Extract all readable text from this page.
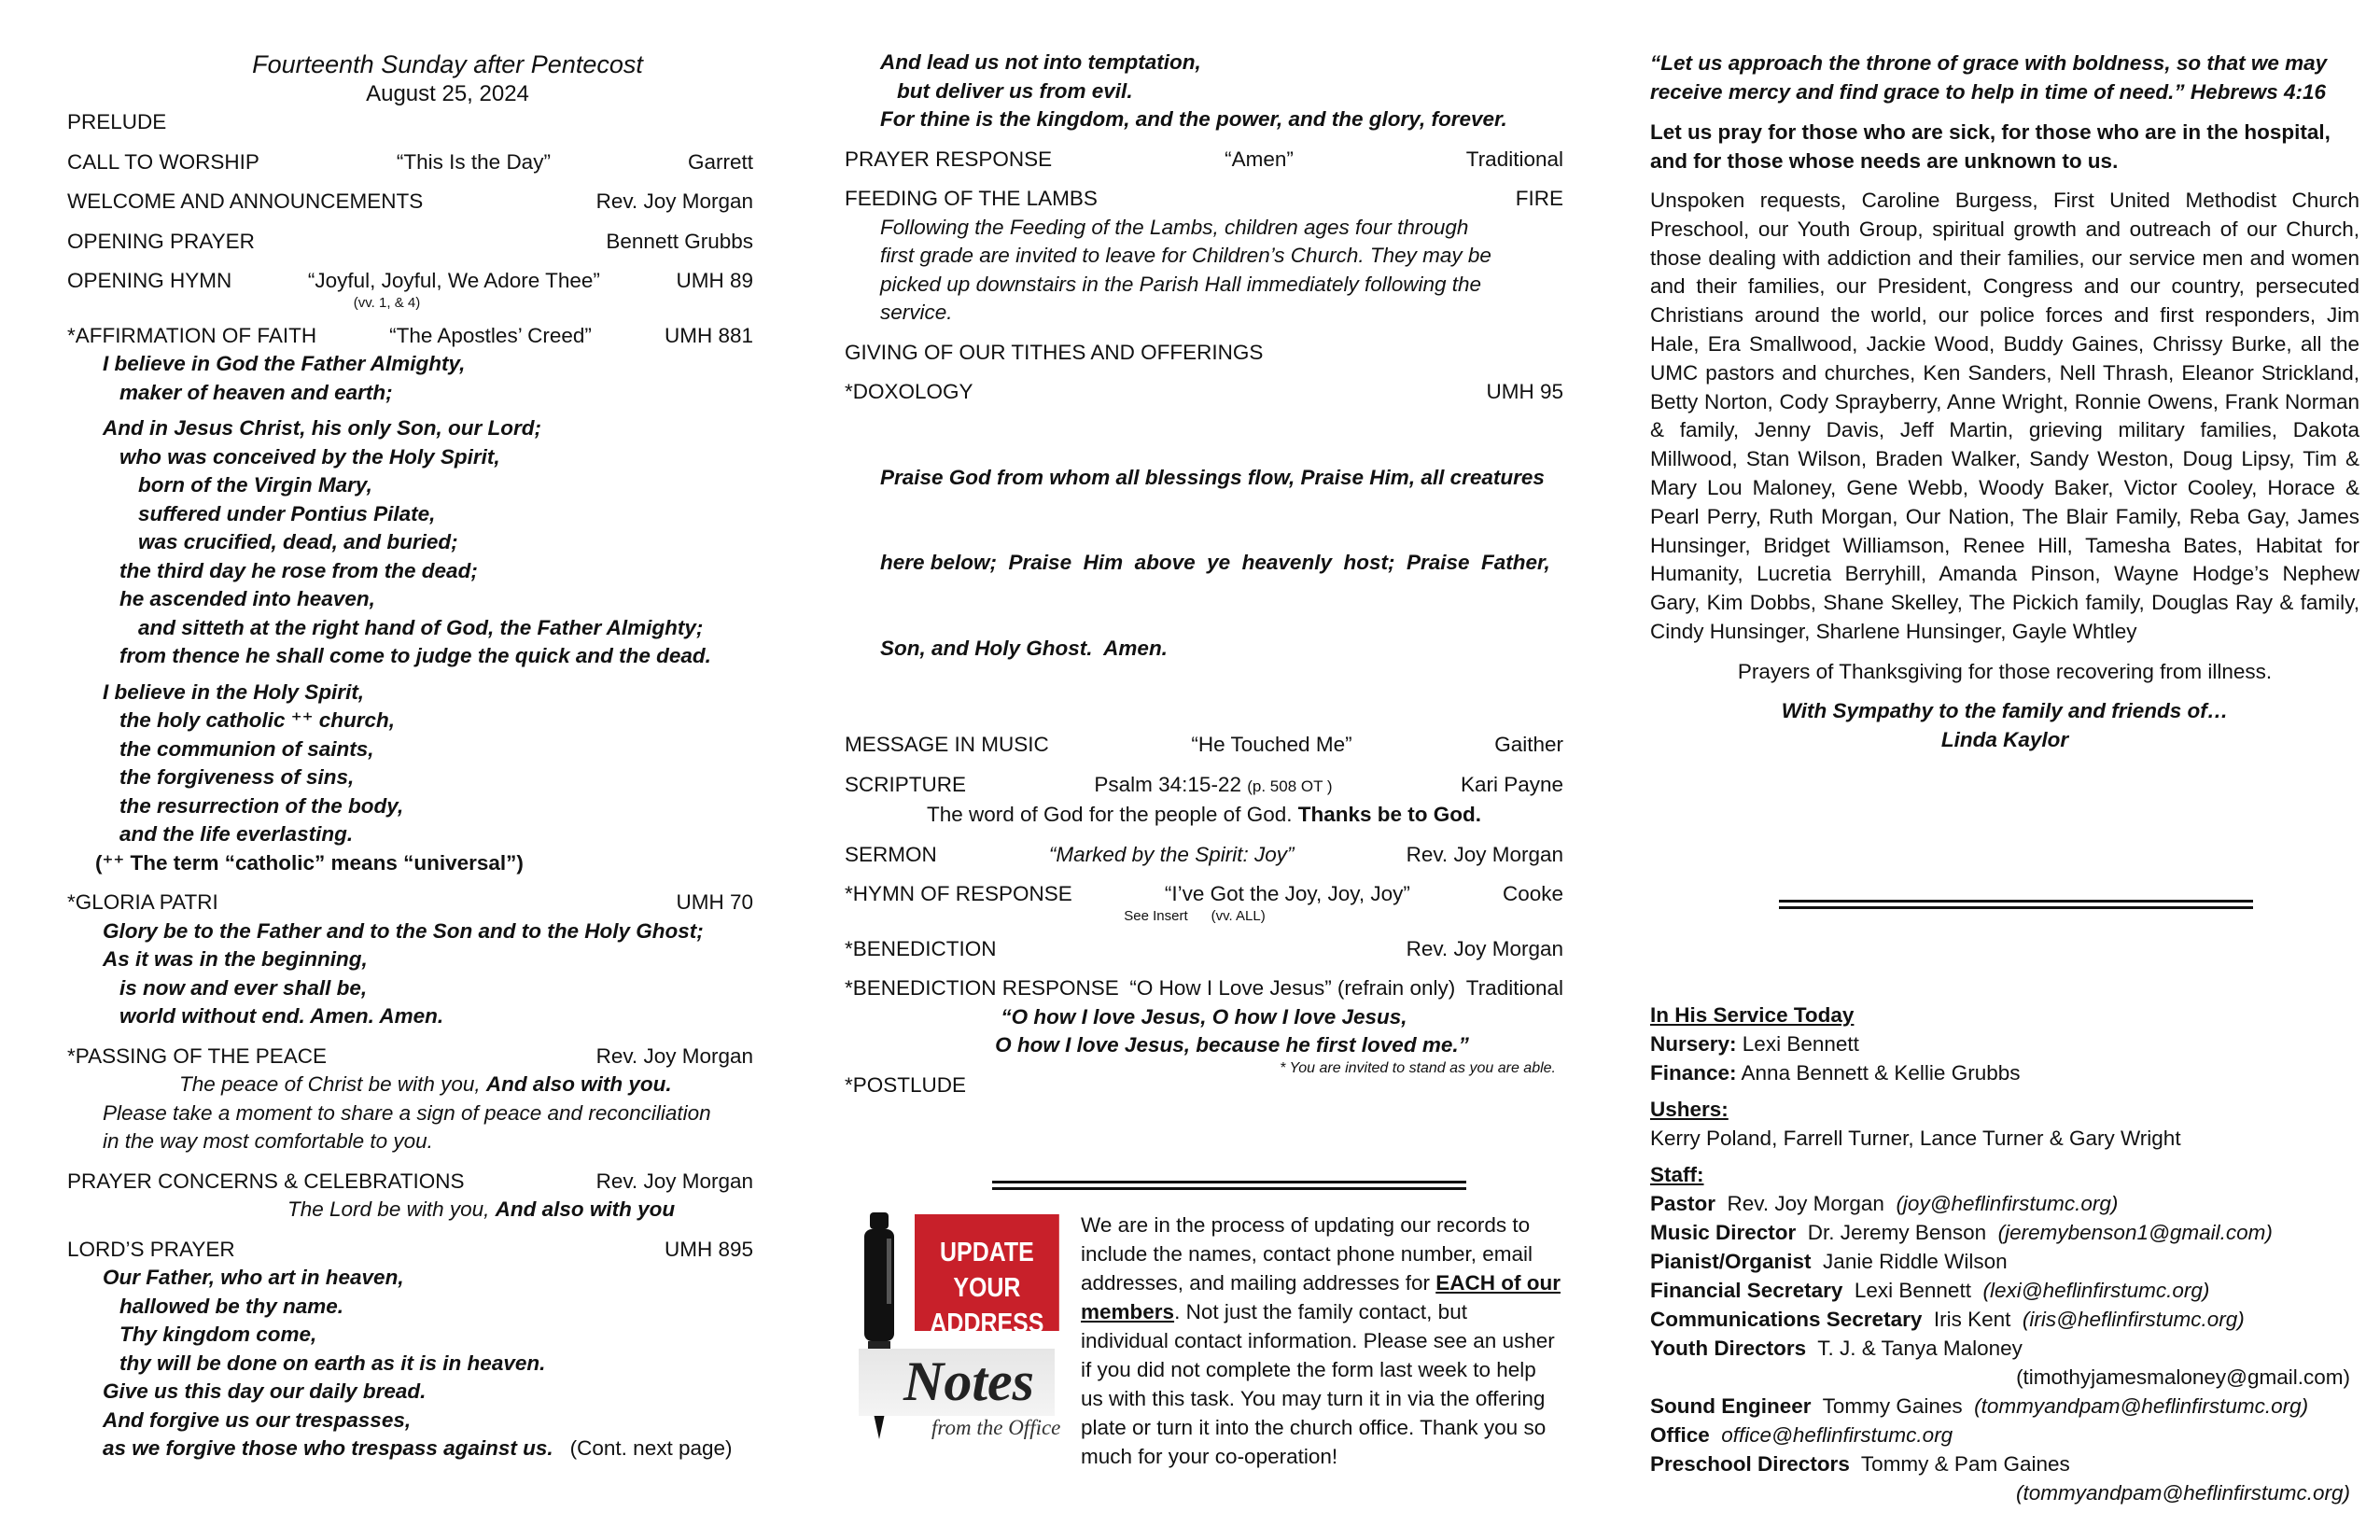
Fourteenth Sunday after Pentecost
August 25, 2024
PRELUDE
CALL TO WORSHIP	“This Is the Day”	Garrett
WELCOME AND ANNOUNCEMENTS	Rev. Joy Morgan
OPENING PRAYER	Bennett Grubbs
OPENING HYMN	“Joyful, Joyful, We Adore Thee”	UMH 89
(vv. 1, & 4)
*AFFIRMATION OF FAITH	“The Apostles’ Creed”	UMH 881
I believe in God the Father Almighty,
maker of heaven and earth;
And in Jesus Christ, his only Son, our Lord;
who was conceived by the Holy Spirit,
born of the Virgin Mary,
suffered under Pontius Pilate,
was crucified, dead, and buried;
the third day he rose from the dead;
he ascended into heaven,
and sitteth at the right hand of God, the Father Almighty;
from thence he shall come to judge the quick and the dead.
I believe in the Holy Spirit,
the holy catholic ⁺⁺ church,
the communion of saints,
the forgiveness of sins,
the resurrection of the body,
and the life everlasting.
(⁺⁺ The term “catholic” means “universal”)
*GLORIA PATRI	UMH 70
Glory be to the Father and to the Son and to the Holy Ghost;
As it was in the beginning,
is now and ever shall be,
world without end. Amen. Amen.
*PASSING OF THE PEACE	Rev. Joy Morgan
The peace of Christ be with you, And also with you.
Please take a moment to share a sign of peace and reconciliation
in the way most comfortable to you.
PRAYER CONCERNS & CELEBRATIONS	Rev. Joy Morgan
The Lord be with you, And also with you
LORD’S PRAYER	UMH 895
Our Father, who art in heaven,
hallowed be thy name.
Thy kingdom come,
thy will be done on earth as it is in heaven.
Give us this day our daily bread.
And forgive us our trespasses,
as we forgive those who trespass against us. (Cont. next page)
And lead us not into temptation,
but deliver us from evil.
For thine is the kingdom, and the power, and the glory, forever.
PRAYER RESPONSE	“Amen”	Traditional
FEEDING OF THE LAMBS	FIRE
Following the Feeding of the Lambs, children ages four through
first grade are invited to leave for Children’s Church. They may be
picked up downstairs in the Parish Hall immediately following the
service.
GIVING OF OUR TITHES AND OFFERINGS
*DOXOLOGY	UMH 95

Praise God from whom all blessings flow, Praise Him, all creatures

here below;  Praise  Him  above  ye  heavenly  host;  Praise  Father,

Son, and Holy Ghost.  Amen.

MESSAGE IN MUSIC	“He Touched Me”	Gaither
SCRIPTURE	Psalm 34:15-22 (p. 508 OT )	Kari Payne
The word of God for the people of God. Thanks be to God.
SERMON	“Marked by the Spirit: Joy”	Rev. Joy Morgan
*HYMN OF RESPONSE	“I’ve Got the Joy, Joy, Joy”	Cooke
See Insert      (vv. ALL)
*BENEDICTION	Rev. Joy Morgan
*BENEDICTION RESPONSE “O How I Love Jesus” (refrain only) Traditional
“O how I love Jesus, O how I love Jesus,
O how I love Jesus, because he first loved me.”
*POSTLUDE
* You are invited to stand as you are able.
UPDATE YOUR
ADDRESS
Notes
from the Office
We are in the process of updating our records to include the names, contact phone number, email addresses, and mailing addresses for EACH of our members. Not just the family contact, but individual contact information. Please see an usher if you did not complete the form last week to help us with this task. You may turn it in via the offering plate or turn it into the church office. Thank you so much for your co-operation!
“Let us approach the throne of grace with boldness, so that we may receive mercy and find grace to help in time of need.” Hebrews 4:16
Let us pray for those who are sick, for those who are in the hospital, and for those whose needs are unknown to us.
Unspoken requests, Caroline Burgess, First United Methodist Church Preschool, our Youth Group, spiritual growth and outreach of our Church, those dealing with addiction and their families, our service men and women and their families, our President, Congress and our country, persecuted Christians around the world, our police forces and first responders, Jim Hale, Era Smallwood, Jackie Wood, Buddy Gaines, Chrissy Burke, all the UMC pastors and churches, Ken Sanders, Nell Thrash, Eleanor Strickland, Betty Norton, Cody Sprayberry, Anne Wright, Ronnie Owens, Frank Norman & family, Jenny Davis, Jeff Martin, grieving military families, Dakota Millwood, Stan Wilson, Braden Walker, Sandy Weston, Doug Lipsy, Tim & Mary Lou Maloney, Gene Webb, Woody Baker, Victor Cooley, Horace & Pearl Perry, Ruth Morgan, Our Nation, The Blair Family, Reba Gay, James Hunsinger, Bridget Williamson, Renee Hill, Tamesha Bates, Habitat for Humanity, Lucretia Berryhill, Amanda Pinson, Wayne Hodge’s Nephew Gary, Kim Dobbs, Shane Skelley, The Pickich family, Douglas Ray & family, Cindy Hunsinger, Sharlene Hunsinger, Gayle Whtley
Prayers of Thanksgiving for those recovering from illness.
With Sympathy to the family and friends of…
Linda Kaylor
In His Service Today
Nursery: Lexi Bennett
Finance: Anna Bennett & Kellie Grubbs
Ushers:
Kerry Poland, Farrell Turner, Lance Turner & Gary Wright
Staff:
Pastor  Rev. Joy Morgan  (joy@heflinfirstumc.org)
Music Director  Dr. Jeremy Benson  (jeremybenson1@gmail.com)
Pianist/Organist  Janie Riddle Wilson
Financial Secretary  Lexi Bennett  (lexi@heflinfirstumc.org)
Communications Secretary  Iris Kent  (iris@heflinfirstumc.org)
Youth Directors  T. J. & Tanya Maloney
(timothyjamesmaloney@gmail.com)
Sound Engineer  Tommy Gaines  (tommyandpam@heflinfirstumc.org)
Office  office@heflinfirstumc.org
Preschool Directors  Tommy & Pam Gaines
(tommyandpam@heflinfirstumc.org)
